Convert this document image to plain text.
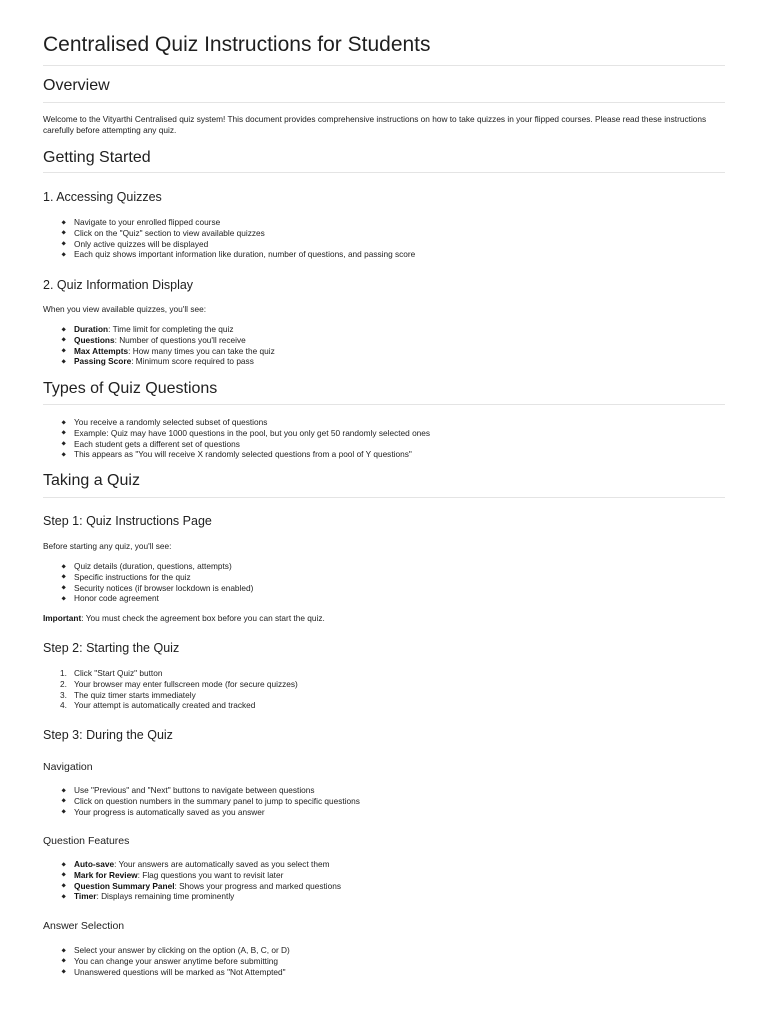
Centralised Quiz Instructions for Students
Overview

Welcome to the Vityarthi Centralised quiz system! This document provides comprehensive instructions on how to take quizzes in your flipped courses. Please read these instructions carefully before attempting any quiz.

Getting Started
1. Accessing Quizzes
Navigate to your enrolled flipped course
Click on the "Quiz" section to view available quizzes
Only active quizzes will be displayed
Each quiz shows important information like duration, number of questions, and passing score
2. Quiz Information Display

When you view available quizzes, you'll see:

Duration: Time limit for completing the quiz
Questions: Number of questions you'll receive
Max Attempts: How many times you can take the quiz
Passing Score: Minimum score required to pass
Types of Quiz Questions
You receive a randomly selected subset of questions
Example: Quiz may have 1000 questions in the pool, but you only get 50 randomly selected ones
Each student gets a different set of questions
This appears as "You will receive X randomly selected questions from a pool of Y questions"
Taking a Quiz
Step 1: Quiz Instructions Page

Before starting any quiz, you'll see:

Quiz details (duration, questions, attempts)
Specific instructions for the quiz
Security notices (if browser lockdown is enabled)
Honor code agreement

Important: You must check the agreement box before you can start the quiz.

Step 2: Starting the Quiz
1. Click "Start Quiz" button
2. Your browser may enter fullscreen mode (for secure quizzes)
3. The quiz timer starts immediately
4. Your attempt is automatically created and tracked
Step 3: During the Quiz
Navigation
Use "Previous" and "Next" buttons to navigate between questions
Click on question numbers in the summary panel to jump to specific questions
Your progress is automatically saved as you answer
Question Features
Auto-save: Your answers are automatically saved as you select them
Mark for Review: Flag questions you want to revisit later
Question Summary Panel: Shows your progress and marked questions
Timer: Displays remaining time prominently
Answer Selection
Select your answer by clicking on the option (A, B, C, or D)
You can change your answer anytime before submitting
Unanswered questions will be marked as "Not Attempted"
